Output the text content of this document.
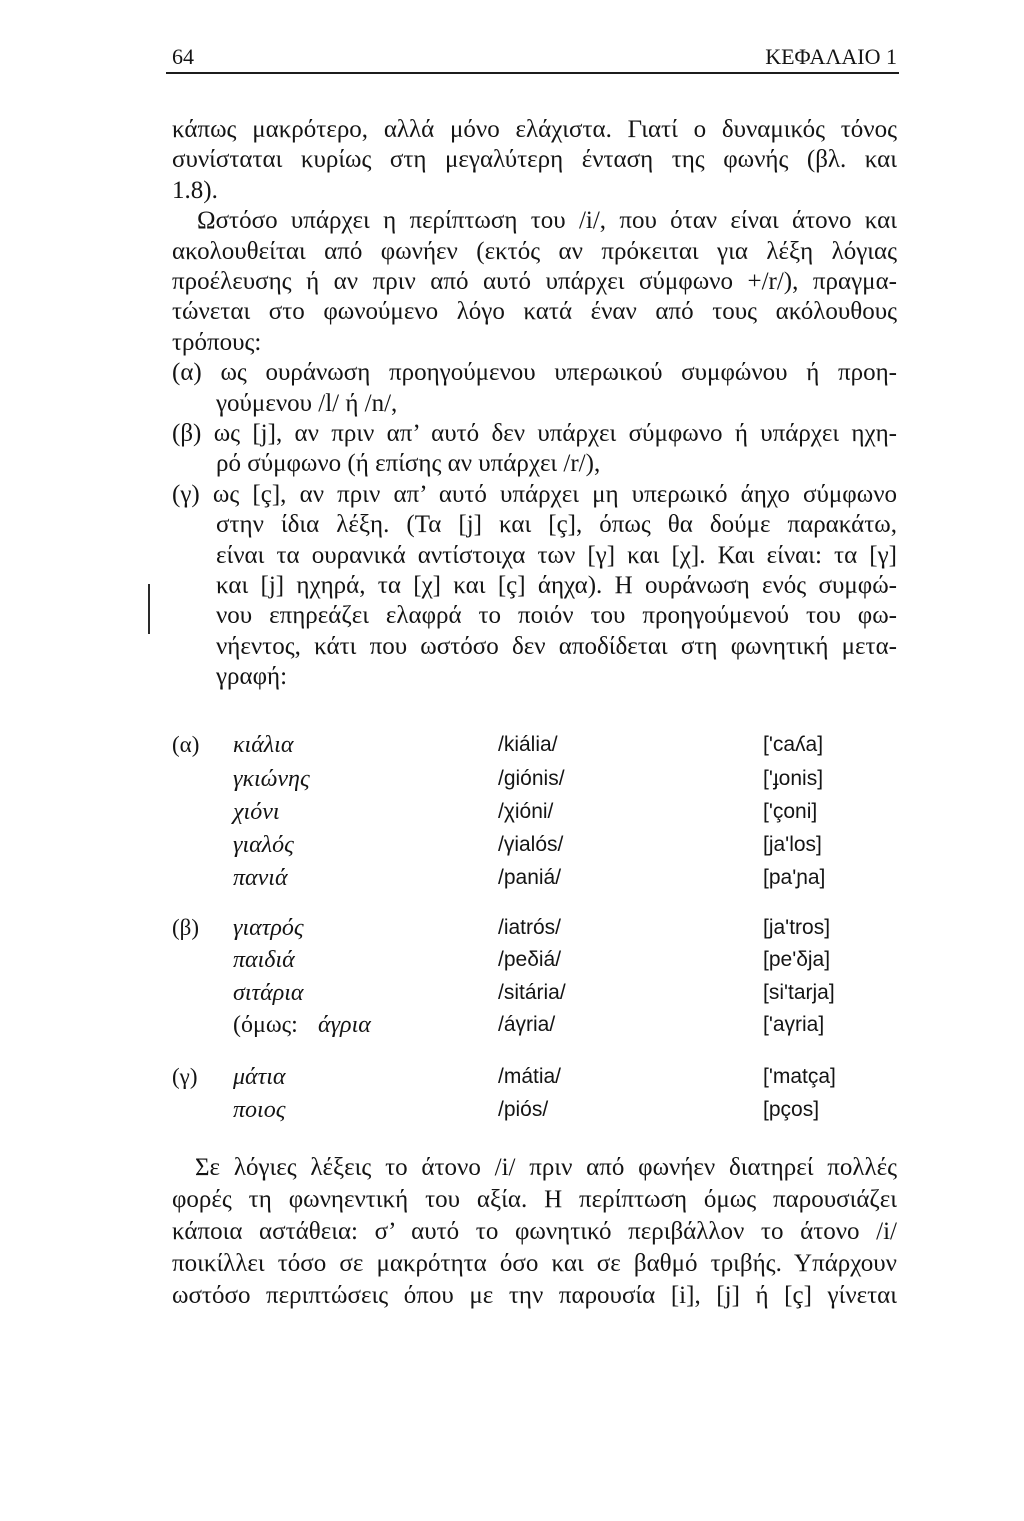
64	ΚΕΦΑΛΑΙΟ 1
κάπως μακρότερο, αλλά μόνο ελάχιστα. Γιατί ο δυναμικός τόνος
συνίσταται κυρίως στη μεγαλύτερη ένταση της φωνής (βλ. και
1.8).
Ωστόσο υπάρχει η περίπτωση του /i/, που όταν είναι άτονο και
ακολουθείται από φωνήεν (εκτός αν πρόκειται για λέξη λόγιας
προέλευσης ή αν πριν από αυτό υπάρχει σύμφωνο +/r/), πραγμα-
τώνεται στο φωνούμενο λόγο κατά έναν από τους ακόλουθους
τρόπους:
(α) ως ουράνωση προηγούμενου υπερωικού συμφώνου ή προη-
γούμενου /l/ ή /n/,
(β) ως [j], αν πριν απ’ αυτό δεν υπάρχει σύμφωνο ή υπάρχει ηχη-
ρό σύμφωνο (ή επίσης αν υπάρχει /r/),
(γ) ως [ç], αν πριν απ’ αυτό υπάρχει μη υπερωικό άηχο σύμφωνο
στην ίδια λέξη. (Τα [j] και [ç], όπως θα δούμε παρακάτω,
είναι τα ουρανικά αντίστοιχα των [γ] και [χ]. Και είναι: τα [γ]
και [j] ηχηρά, τα [χ] και [ç] άηχα). Η ουράνωση ενός συμφώ-
νου επηρεάζει ελαφρά το ποιόν του προηγούμενού του φω-
νήεντος, κάτι που ωστόσο δεν αποδίδεται στη φωνητική μετα-
γραφή:
(α) κιάλια	/kiália/	['caʎa]
γκιώνης	/giónis/	['ɟonis]
χιόνι	/χióni/	['çoni]
γιαλός	/γialós/	[ja'los]
πανιά	/paniá/	[pa'ɲa]
(β) γιατρός	/iatrós/	[ja'tros]
παιδιά	/peδiá/	[pe'δja]
σιτάρια	/sitária/	[si'tarja]
(όμως: άγρια	/áγria/	['aγria]
(γ) μάτια	/mátia/	['matça]
ποιος	/piós/	[pços]
Σε λόγιες λέξεις το άτονο /i/ πριν από φωνήεν διατηρεί πολλές
φορές τη φωνηεντική του αξία. Η περίπτωση όμως παρουσιάζει
κάποια αστάθεια: σ’ αυτό το φωνητικό περιβάλλον το άτονο /i/
ποικίλλει τόσο σε μακρότητα όσο και σε βαθμό τριβής. Υπάρχουν
ωστόσο περιπτώσεις όπου με την παρουσία [i], [j] ή [ç] γίνεται
